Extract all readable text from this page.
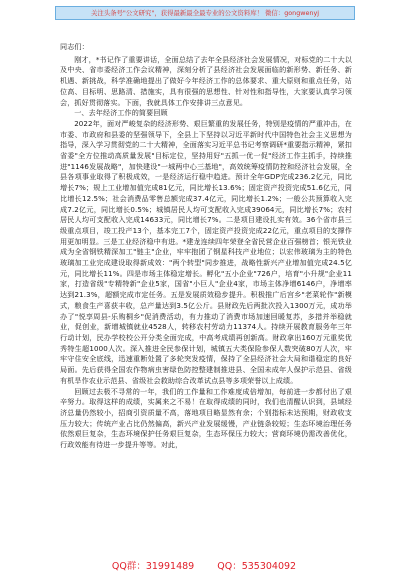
关注头条号"公文研究"，获得最新最全最专业的公文资料库！ 微信：gongwenyj

同志们：

刚才，*书记作了重要讲话，全面总结了去年全县经济社会发展情况，对标党的二十大以及中央、省市委经济工作会议精神，深刻分析了县经济社会发展面临的新形势、新任务、新机遇、新挑战，科学准确地提出了做好今年经济工作的总体要求、重大原则和重点任务，站位高、目标明、思路清、措施实，具有很强的思想性、针对性和指导性，大家要认真学习领会，抓好贯彻落实。下面，我就具体工作安排讲三点意见。

一、去年经济工作的简要回顾

2022年，面对严峻复杂的经济形势、艰巨繁重的发展任务，特别是疫情的严重冲击，在市委、市政府和县委的坚强领导下，全县上下坚持以习近平新时代中国特色社会主义思想为指导，深入学习贯彻党的二十大精神，全面落实习近平总书记考察调研*重要指示精神，紧扣省委"全方位推动高质量发展"目标定位，坚持用好"五抓一优一促"经济工作主抓手，持续推进"1146发展战略"，加快建设"一城两中心三基地"，高效统筹疫情防控和经济社会发展，全县各项事业取得了积极成效，一是经济运行稳中趋进。预计全年GDP完成236.2亿元，同比增长7%；规上工业增加值完成81亿元，同比增长13.6%；固定资产投资完成51.6亿元，同比增长12.5%；社会消费品零售总额完成37.4亿元，同比增长1.2%；一般公共预算收入完成7.2亿元，同比增长0.5%；城镇居民人均可支配收入完成39064元，同比增长7%；农村居民人均可支配收入完成14633元，同比增长7%。二是项目建设扎实有效。36个省市县三级重点项目，竣工投产13个，基本完工7个，固定资产投资完成22亿元，重点项目的支撑作用更加明显。三是工业经济稳中有进。*建龙连续四年荣登全省民营企业百强榜首；银光铁业成为全省钢铁精深加工"链主"企业，牢牢抱团了钢星科技产业地位；以宏伟玻璃为主的特色玻璃加工业完成建设取得新成效："两个转型"同步推进，战略性新兴产业增加值完成24.5亿元，同比增长11%。四是市场主体稳定增长。孵化"五小企业"726户，培育"小升规"企业11家，打造省级"专精特新"企业5家，国省"小巨人"企业4家，市场主体净增6146户，净增率达到21.3%，超额完成市定任务。五是发展质效稳步提升。积极推广后宫乡"老菜轮作"新模式，粮食生产喜获丰收，总产量达到3.5亿公斤。县财政先后两批次投入1300万元，成功举办了"悦享周县-乐购桐乡"促消费活动，有力推动了消费市场加速回暖复苏，多措并举稳就业，促创业，新增城镇就业4528人，转移农村劳动力11374人。持续开展教育服务年三年行动计划，民办学校校公开分类全面完成，中高考成绩再创新高。财政拿出160万元重奖优秀特生超1000人次。深入推进全民参保计划，城镇五大类保险参保人数突破80万人次，牢牢守住安全底线，迅速重断处置了多轮突发疫情，保持了全县经济社会大局和谐稳定的良好局面。先后获得全国农作物病虫害绿色防控整建制推进县、全国未成年人保护示范县、省级有机旱作农业示范县、省级社会救助综合改革试点县等多项荣誉以上成绩。

回顾过去极不寻常的一年，我们的工作量和工作难度成倍增加，每前进一步都付出了艰辛努力。取得这样的成绩，实属来之不易！在取得成绩的同时，我们也清醒认识到，县域经济总量仍然较小，招商引资质量不高，落地项目略显然有余；个别指标未达预期，财政收支压力较大；传统产业占比仍然偏高，新兴产业发展缓慢，产业链条较短；生态环境治理任务依然艰巨复杂，生态环境保护任务艰巨复杂，生态环保压力较大；营商环境仍需改善优化，行政效能有待进一步提升等等。对此，

QQ群：31991489 QQ：535304092
